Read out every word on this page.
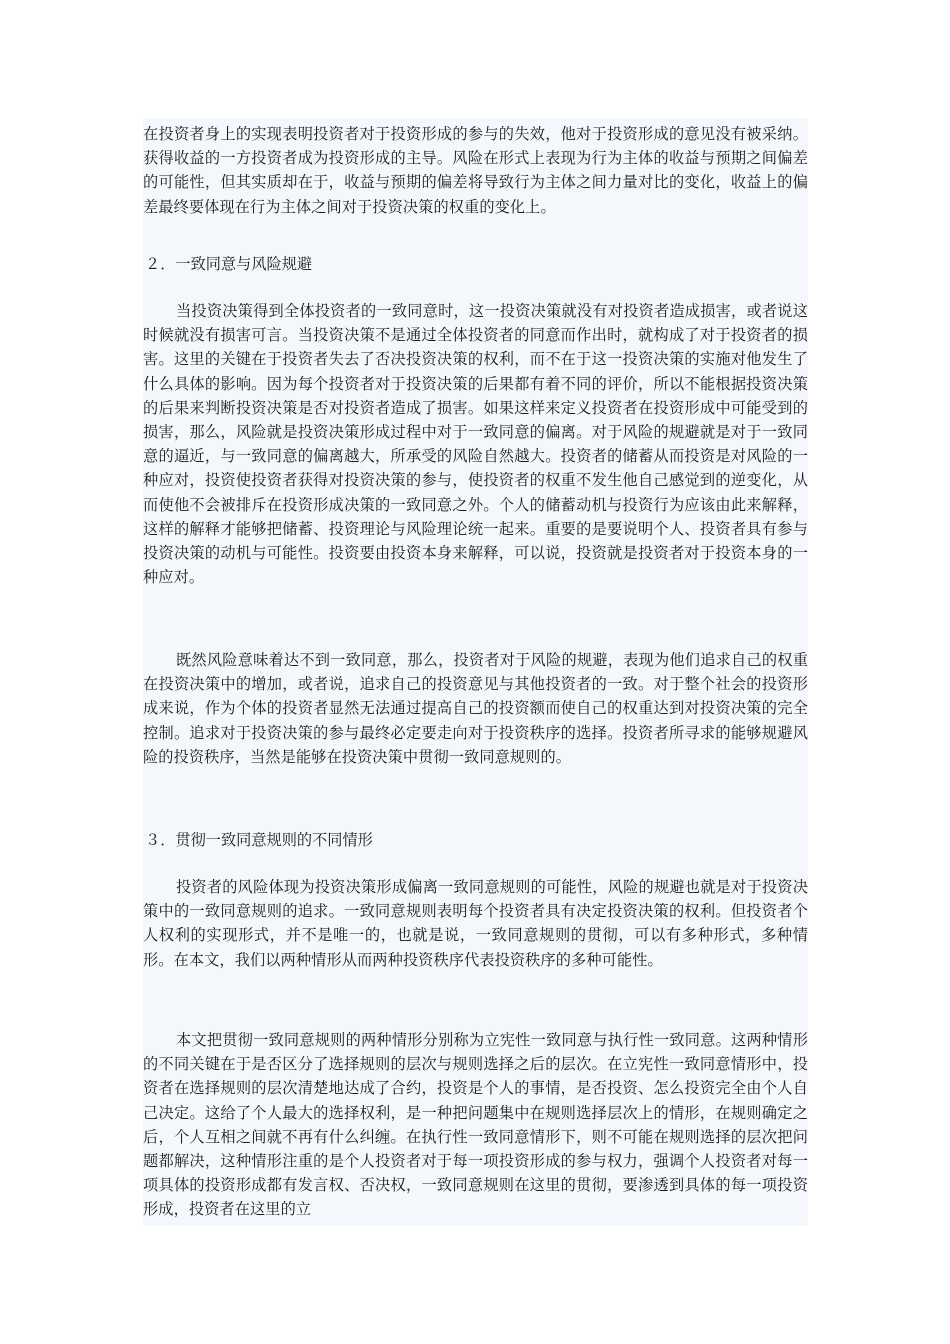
在投资者身上的实现表明投资者对于投资形成的参与的失效，他对于投资形成的意见没有被采纳。获得收益的一方投资者成为投资形成的主导。风险在形式上表现为行为主体的收益与预期之间偏差的可能性，但其实质却在于，收益与预期的偏差将导致行为主体之间力量对比的变化，收益上的偏差最终要体现在行为主体之间对于投资决策的权重的变化上。

２．一致同意与风险规避

当投资决策得到全体投资者的一致同意时，这一投资决策就没有对投资者造成损害，或者说这时候就没有损害可言。当投资决策不是通过全体投资者的同意而作出时，就构成了对于投资者的损害。这里的关键在于投资者失去了否决投资决策的权利，而不在于这一投资决策的实施对他发生了什么具体的影响。因为每个投资者对于投资决策的后果都有着不同的评价，所以不能根据投资决策的后果来判断投资决策是否对投资者造成了损害。如果这样来定义投资者在投资形成中可能受到的损害，那么，风险就是投资决策形成过程中对于一致同意的偏离。对于风险的规避就是对于一致同意的逼近，与一致同意的偏离越大，所承受的风险自然越大。投资者的储蓄从而投资是对风险的一种应对，投资使投资者获得对投资决策的参与，使投资者的权重不发生他自己感觉到的逆变化，从而使他不会被排斥在投资形成决策的一致同意之外。个人的储蓄动机与投资行为应该由此来解释，这样的解释才能够把储蓄、投资理论与风险理论统一起来。重要的是要说明个人、投资者具有参与投资决策的动机与可能性。投资要由投资本身来解释，可以说，投资就是投资者对于投资本身的一种应对。

既然风险意味着达不到一致同意，那么，投资者对于风险的规避，表现为他们追求自己的权重在投资决策中的增加，或者说，追求自己的投资意见与其他投资者的一致。对于整个社会的投资形成来说，作为个体的投资者显然无法通过提高自己的投资额而使自己的权重达到对投资决策的完全控制。追求对于投资决策的参与最终必定要走向对于投资秩序的选择。投资者所寻求的能够规避风险的投资秩序，当然是能够在投资决策中贯彻一致同意规则的。

３．贯彻一致同意规则的不同情形

投资者的风险体现为投资决策形成偏离一致同意规则的可能性，风险的规避也就是对于投资决策中的一致同意规则的追求。一致同意规则表明每个投资者具有决定投资决策的权利。但投资者个人权利的实现形式，并不是唯一的，也就是说，一致同意规则的贯彻，可以有多种形式，多种情形。在本文，我们以两种情形从而两种投资秩序代表投资秩序的多种可能性。

本文把贯彻一致同意规则的两种情形分别称为立宪性一致同意与执行性一致同意。这两种情形的不同关键在于是否区分了选择规则的层次与规则选择之后的层次。在立宪性一致同意情形中，投资者在选择规则的层次清楚地达成了合约，投资是个人的事情，是否投资、怎么投资完全由个人自己决定。这给了个人最大的选择权利，是一种把问题集中在规则选择层次上的情形，在规则确定之后，个人互相之间就不再有什么纠缠。在执行性一致同意情形下，则不可能在规则选择的层次把问题都解决，这种情形注重的是个人投资者对于每一项投资形成的参与权力，强调个人投资者对每一项具体的投资形成都有发言权、否决权，一致同意规则在这里的贯彻，要渗透到具体的每一项投资形成，投资者在这里的立
